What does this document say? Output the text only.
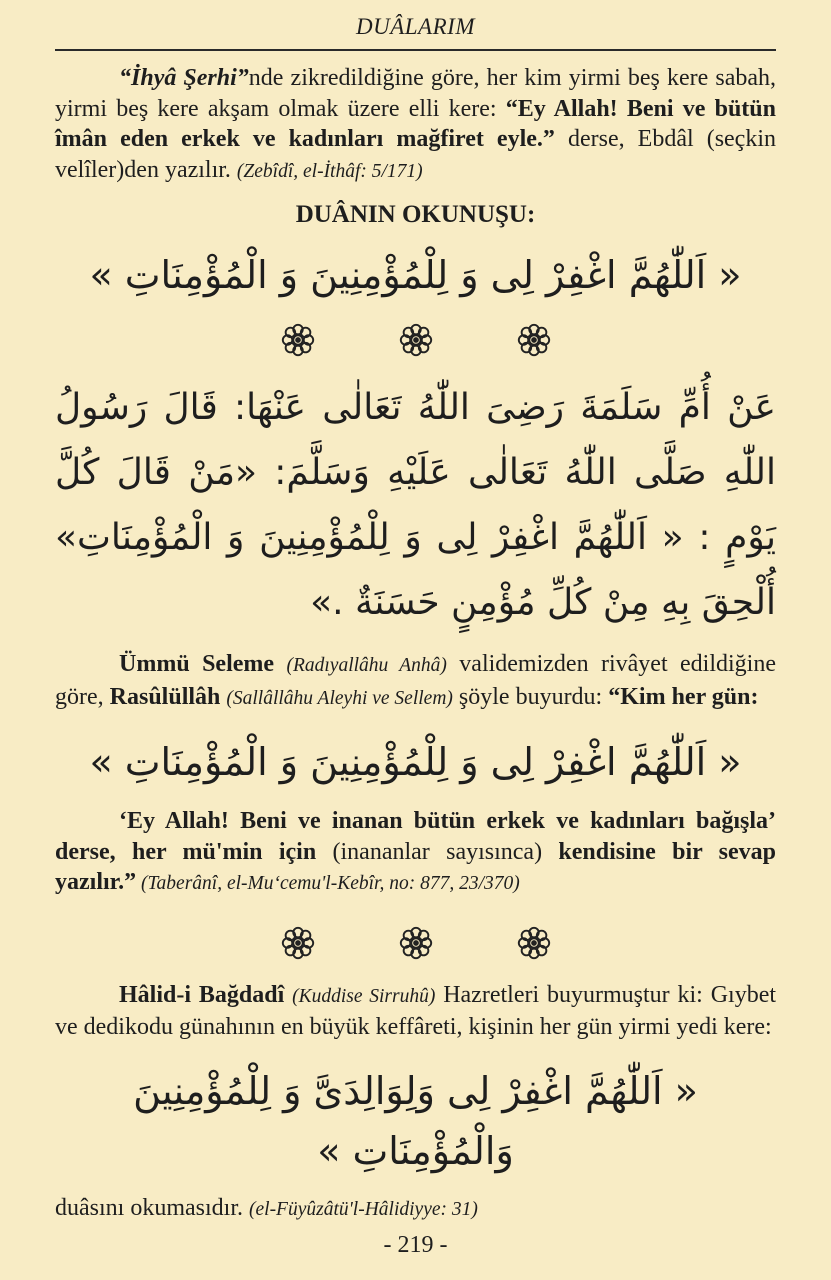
DUÂLARIM

“İhyâ Şerhi”nde zikredildiğine göre, her kim yirmi beş kere sabah, yirmi beş kere akşam olmak üzere elli kere: “Ey Allah! Beni ve bütün îmân eden erkek ve kadınları mağfiret eyle.” derse, Ebdâl (seçkin velîler)den yazılır. (Zebîdî, el-İthâf: 5/171)

DUÂNIN OKUNUŞU:
« اَللّٰهُمَّ اغْفِرْ لِى وَ لِلْمُؤْمِنِينَ وَ الْمُؤْمِنَاتِ »
عَنْ أُمِّ سَلَمَةَ رَضِىَ اللّٰهُ تَعَالٰى عَنْهَا: قَالَ رَسُولُ اللّٰهِ صَلَّى اللّٰهُ تَعَالٰى عَلَيْهِ وَسَلَّمَ: «مَنْ قَالَ كُلَّ يَوْمٍ : « اَللّٰهُمَّ اغْفِرْ لِى وَ لِلْمُؤْمِنِينَ وَ الْمُؤْمِنَاتِ» أُلْحِقَ بِهِ مِنْ كُلِّ مُؤْمِنٍ حَسَنَةٌ .»

Ümmü Seleme (Radıyallâhu Anhâ) validemizden rivâyet edildiğine göre, Rasûlüllâh (Sallâllâhu Aleyhi ve Sellem) şöyle buyurdu: “Kim her gün:

« اَللّٰهُمَّ اغْفِرْ لِى وَ لِلْمُؤْمِنِينَ وَ الْمُؤْمِنَاتِ »

‘Ey Allah! Beni ve inanan bütün erkek ve kadınları bağışla’ derse, her mü'min için (inananlar sayısınca) kendisine bir sevap yazılır.” (Taberânî, el-Mu‘cemu'l-Kebîr, no: 877, 23/370)

Hâlid-i Bağdadî (Kuddise Sirruhû) Hazretleri buyurmuştur ki: Gıybet ve dedikodu günahının en büyük keffâreti, kişinin her gün yirmi yedi kere:

« اَللّٰهُمَّ اغْفِرْ لِى وَلِوَالِدَىَّ وَ لِلْمُؤْمِنِينَ وَالْمُؤْمِنَاتِ »

duâsını okumasıdır. (el-Füyûzâtü'l-Hâlidiyye: 31)

- 219 -
